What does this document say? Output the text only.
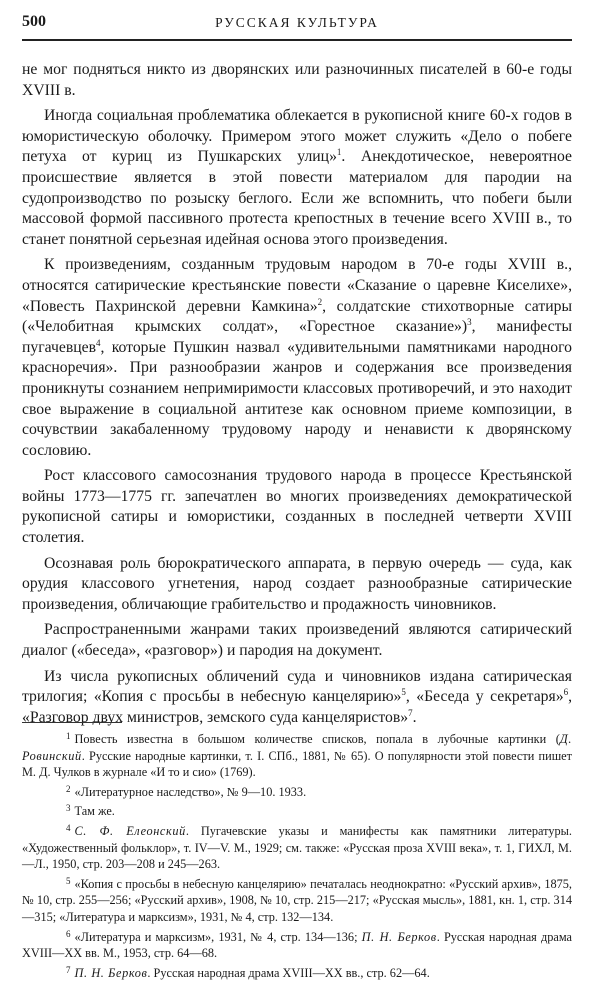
500	РУССКАЯ КУЛЬТУРА

не мог подняться никто из дворянских или разночинных писателей в 60-е годы XVIII в.

Иногда социальная проблематика облекается в рукописной книге 60-х годов в юмористическую оболочку. Примером этого может служить «Дело о побеге петуха от куриц из Пушкарских улиц»$^1$. Анекдотическое, невероятное происшествие является в этой повести материалом для пародии на судопроизводство по розыску беглого. Если же вспомнить, что побеги были массовой формой пассивного протеста крепостных в течение всего XVIII в., то станет понятной серьезная идейная основа этого произведения.

К произведениям, созданным трудовым народом в 70-е годы XVIII в., относятся сатирические крестьянские повести «Сказание о царевне Киселихе», «Повесть Пахринской деревни Камкина»$^2$, солдатские стихотворные сатиры («Челобитная крымских солдат», «Горестное сказание»)$^3$, манифесты пугачевцев$^4$, которые Пушкин назвал «удивительными памятниками народного красноречия». При разнообразии жанров и содержания все произведения проникнуты сознанием непримиримости классовых противоречий, и это находит свое выражение в социальной антитезе как основном приеме композиции, в сочувствии закабаленному трудовому народу и ненависти к дворянскому сословию.

Рост классового самосознания трудового народа в процессе Крестьянской войны 1773—1775 гг. запечатлен во многих произведениях демократической рукописной сатиры и юмористики, созданных в последней четверти XVIII столетия.

Осознавая роль бюрократического аппарата, в первую очередь — суда, как орудия классового угнетения, народ создает разнообразные сатирические произведения, обличающие грабительство и продажность чиновников.

Распространенными жанрами таких произведений являются сатирический диалог («беседа», «разговор») и пародия на документ.

Из числа рукописных обличений суда и чиновников издана сатирическая трилогия; «Копия с просьбы в небесную канцелярию»$^5$, «Беседа у секретаря»$^6$, «Разговор двух министров, земского суда канцеляристов»$^7$.

1 Повесть известна в большом количестве списков, попала в лубочные картинки (Д. Ровинский. Русские народные картинки, т. I. СПб., 1881, № 65). О популярности этой повести пишет М. Д. Чулков в журнале «И то и сио» (1769).

2 «Литературное наследство», № 9—10. 1933.

3 Там же.

4 С. Ф. Елеонский. Пугачевские указы и манифесты как памятники литературы. «Художественный фольклор», т. IV—V. М., 1929; см. также: «Русская проза XVIII века», т. 1, ГИХЛ, М.—Л., 1950, стр. 203—208 и 245—263.

5 «Копия с просьбы в небесную канцелярию» печаталась неоднократно: «Русский архив», 1875, № 10, стр. 255—256; «Русский архив», 1908, № 10, стр. 215—217; «Русская мысль», 1881, кн. 1, стр. 314—315; «Литература и марксизм», 1931, № 4, стр. 132—134.

6 «Литература и марксизм», 1931, № 4, стр. 134—136; П. Н. Берков. Русская народная драма XVIII—XX вв. М., 1953, стр. 64—68.

7 П. Н. Берков. Русская народная драма XVIII—XX вв., стр. 62—64.
